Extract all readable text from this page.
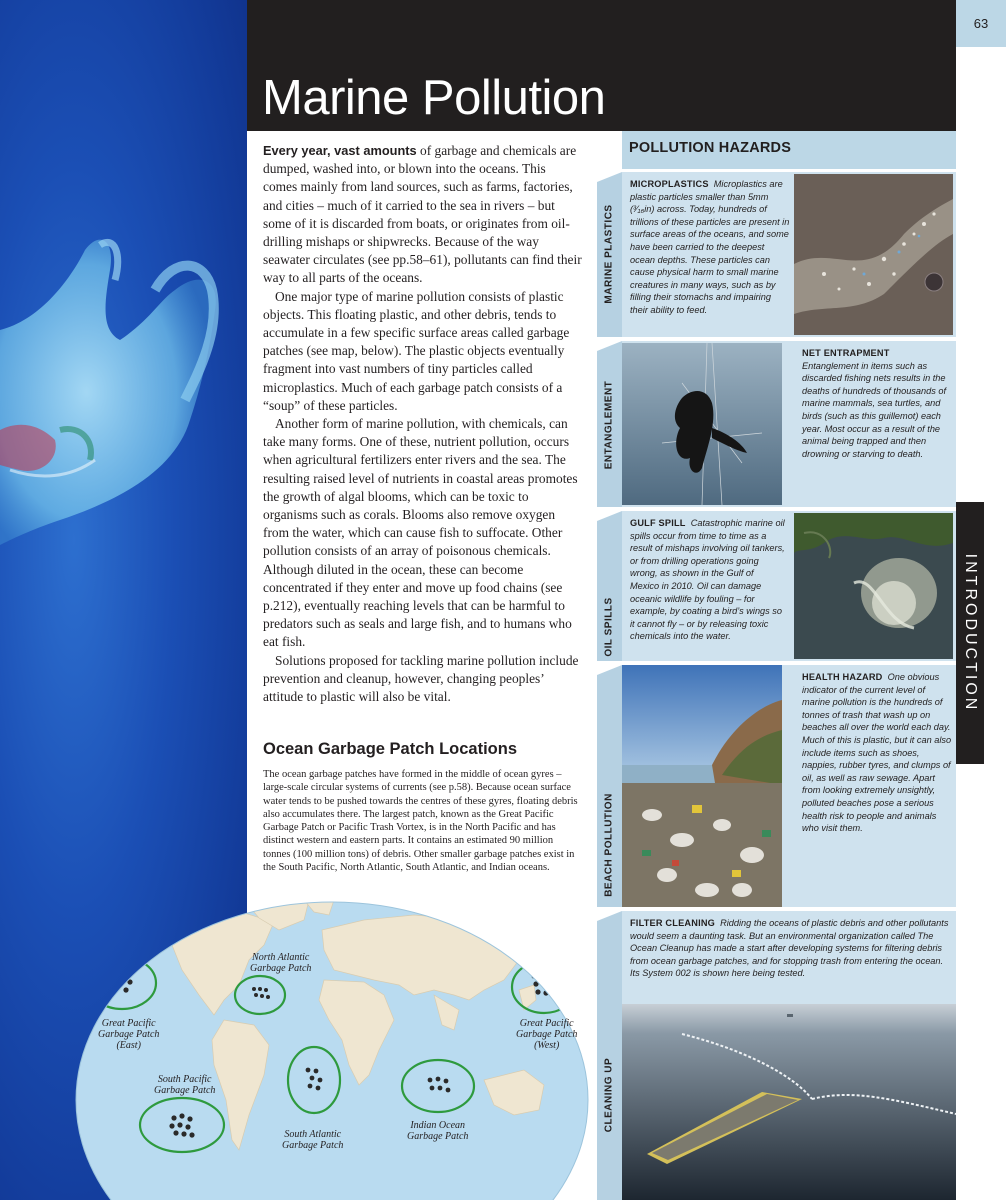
Marine Pollution
63
INTRODUCTION

Every year, vast amounts of garbage and chemicals are dumped, washed into, or blown into the oceans. This comes mainly from land sources, such as farms, factories, and cities – much of it carried to the sea in rivers – but some of it is discarded from boats, or originates from oil-drilling mishaps or shipwrecks. Because of the way seawater circulates (see pp.58–61), pollutants can find their way to all parts of the oceans.

One major type of marine pollution consists of plastic objects. This floating plastic, and other debris, tends to accumulate in a few specific surface areas called garbage patches (see map, below). The plastic objects eventually fragment into vast numbers of tiny particles called microplastics. Much of each garbage patch consists of a “soup” of these particles.

Another form of marine pollution, with chemicals, can take many forms. One of these, nutrient pollution, occurs when agricultural fertilizers enter rivers and the sea. The resulting raised level of nutrients in coastal areas promotes the growth of algal blooms, which can be toxic to organisms such as corals. Blooms also remove oxygen from the water, which can cause fish to suffocate. Other pollution consists of an array of poisonous chemicals. Although diluted in the ocean, these can become concentrated if they enter and move up food chains (see p.212), eventually reaching levels that can be harmful to predators such as seals and large fish, and to humans who eat fish.

Solutions proposed for tackling marine pollution include prevention and cleanup, however, changing peoples’ attitude to plastic will also be vital.

Ocean Garbage Patch Locations

The ocean garbage patches have formed in the middle of ocean gyres – large-scale circular systems of currents (see p.58). Because ocean surface water tends to be pushed towards the centres of these gyres, floating debris also accumulates there. The largest patch, known as the Great Pacific Garbage Patch or Pacific Trash Vortex, is in the North Pacific and has distinct western and eastern parts. It contains an estimated 90 million tonnes (100 million tons) of debris. Other smaller garbage patches exist in the South Pacific, North Atlantic, South Atlantic, and Indian oceans.

North Atlantic
Garbage Patch
Great Pacific
Garbage Patch
(East)
Great Pacific
Garbage Patch
(West)
South Pacific
Garbage Patch
South Atlantic
Garbage Patch
Indian Ocean
Garbage Patch
POLLUTION HAZARDS
MARINE PLASTICS
MICROPLASTICS Microplastics are plastic particles smaller than 5mm (³⁄₁₆in) across. Today, hundreds of trillions of these particles are present in surface areas of the oceans, and some have been carried to the deepest ocean depths. These particles can cause physical harm to small marine creatures in many ways, such as by filling their stomachs and impairing their ability to feed.
ENTANGLEMENT
NET ENTRAPMENT
Entanglement in items such as discarded fishing nets results in the deaths of hundreds of thousands of marine mammals, sea turtles, and birds (such as this guillemot) each year. Most occur as a result of the animal being trapped and then drowning or starving to death.
OIL SPILLS
GULF SPILL Catastrophic marine oil spills occur from time to time as a result of mishaps involving oil tankers, or from drilling operations going wrong, as shown in the Gulf of Mexico in 2010. Oil can damage oceanic wildlife by fouling – for example, by coating a bird’s wings so it cannot fly – or by releasing toxic chemicals into the water.
BEACH POLLUTION
HEALTH HAZARD One obvious indicator of the current level of marine pollution is the hundreds of tonnes of trash that wash up on beaches all over the world each day. Much of this is plastic, but it can also include items such as shoes, nappies, rubber tyres, and clumps of oil, as well as raw sewage. Apart from looking extremely unsightly, polluted beaches pose a serious health risk to people and animals who visit them.
CLEANING UP
FILTER CLEANING Ridding the oceans of plastic debris and other pollutants would seem a daunting task. But an environmental organization called The Ocean Cleanup has made a start after developing systems for filtering debris from ocean garbage patches, and for stopping trash from entering the ocean. Its System 002 is shown here being tested.
